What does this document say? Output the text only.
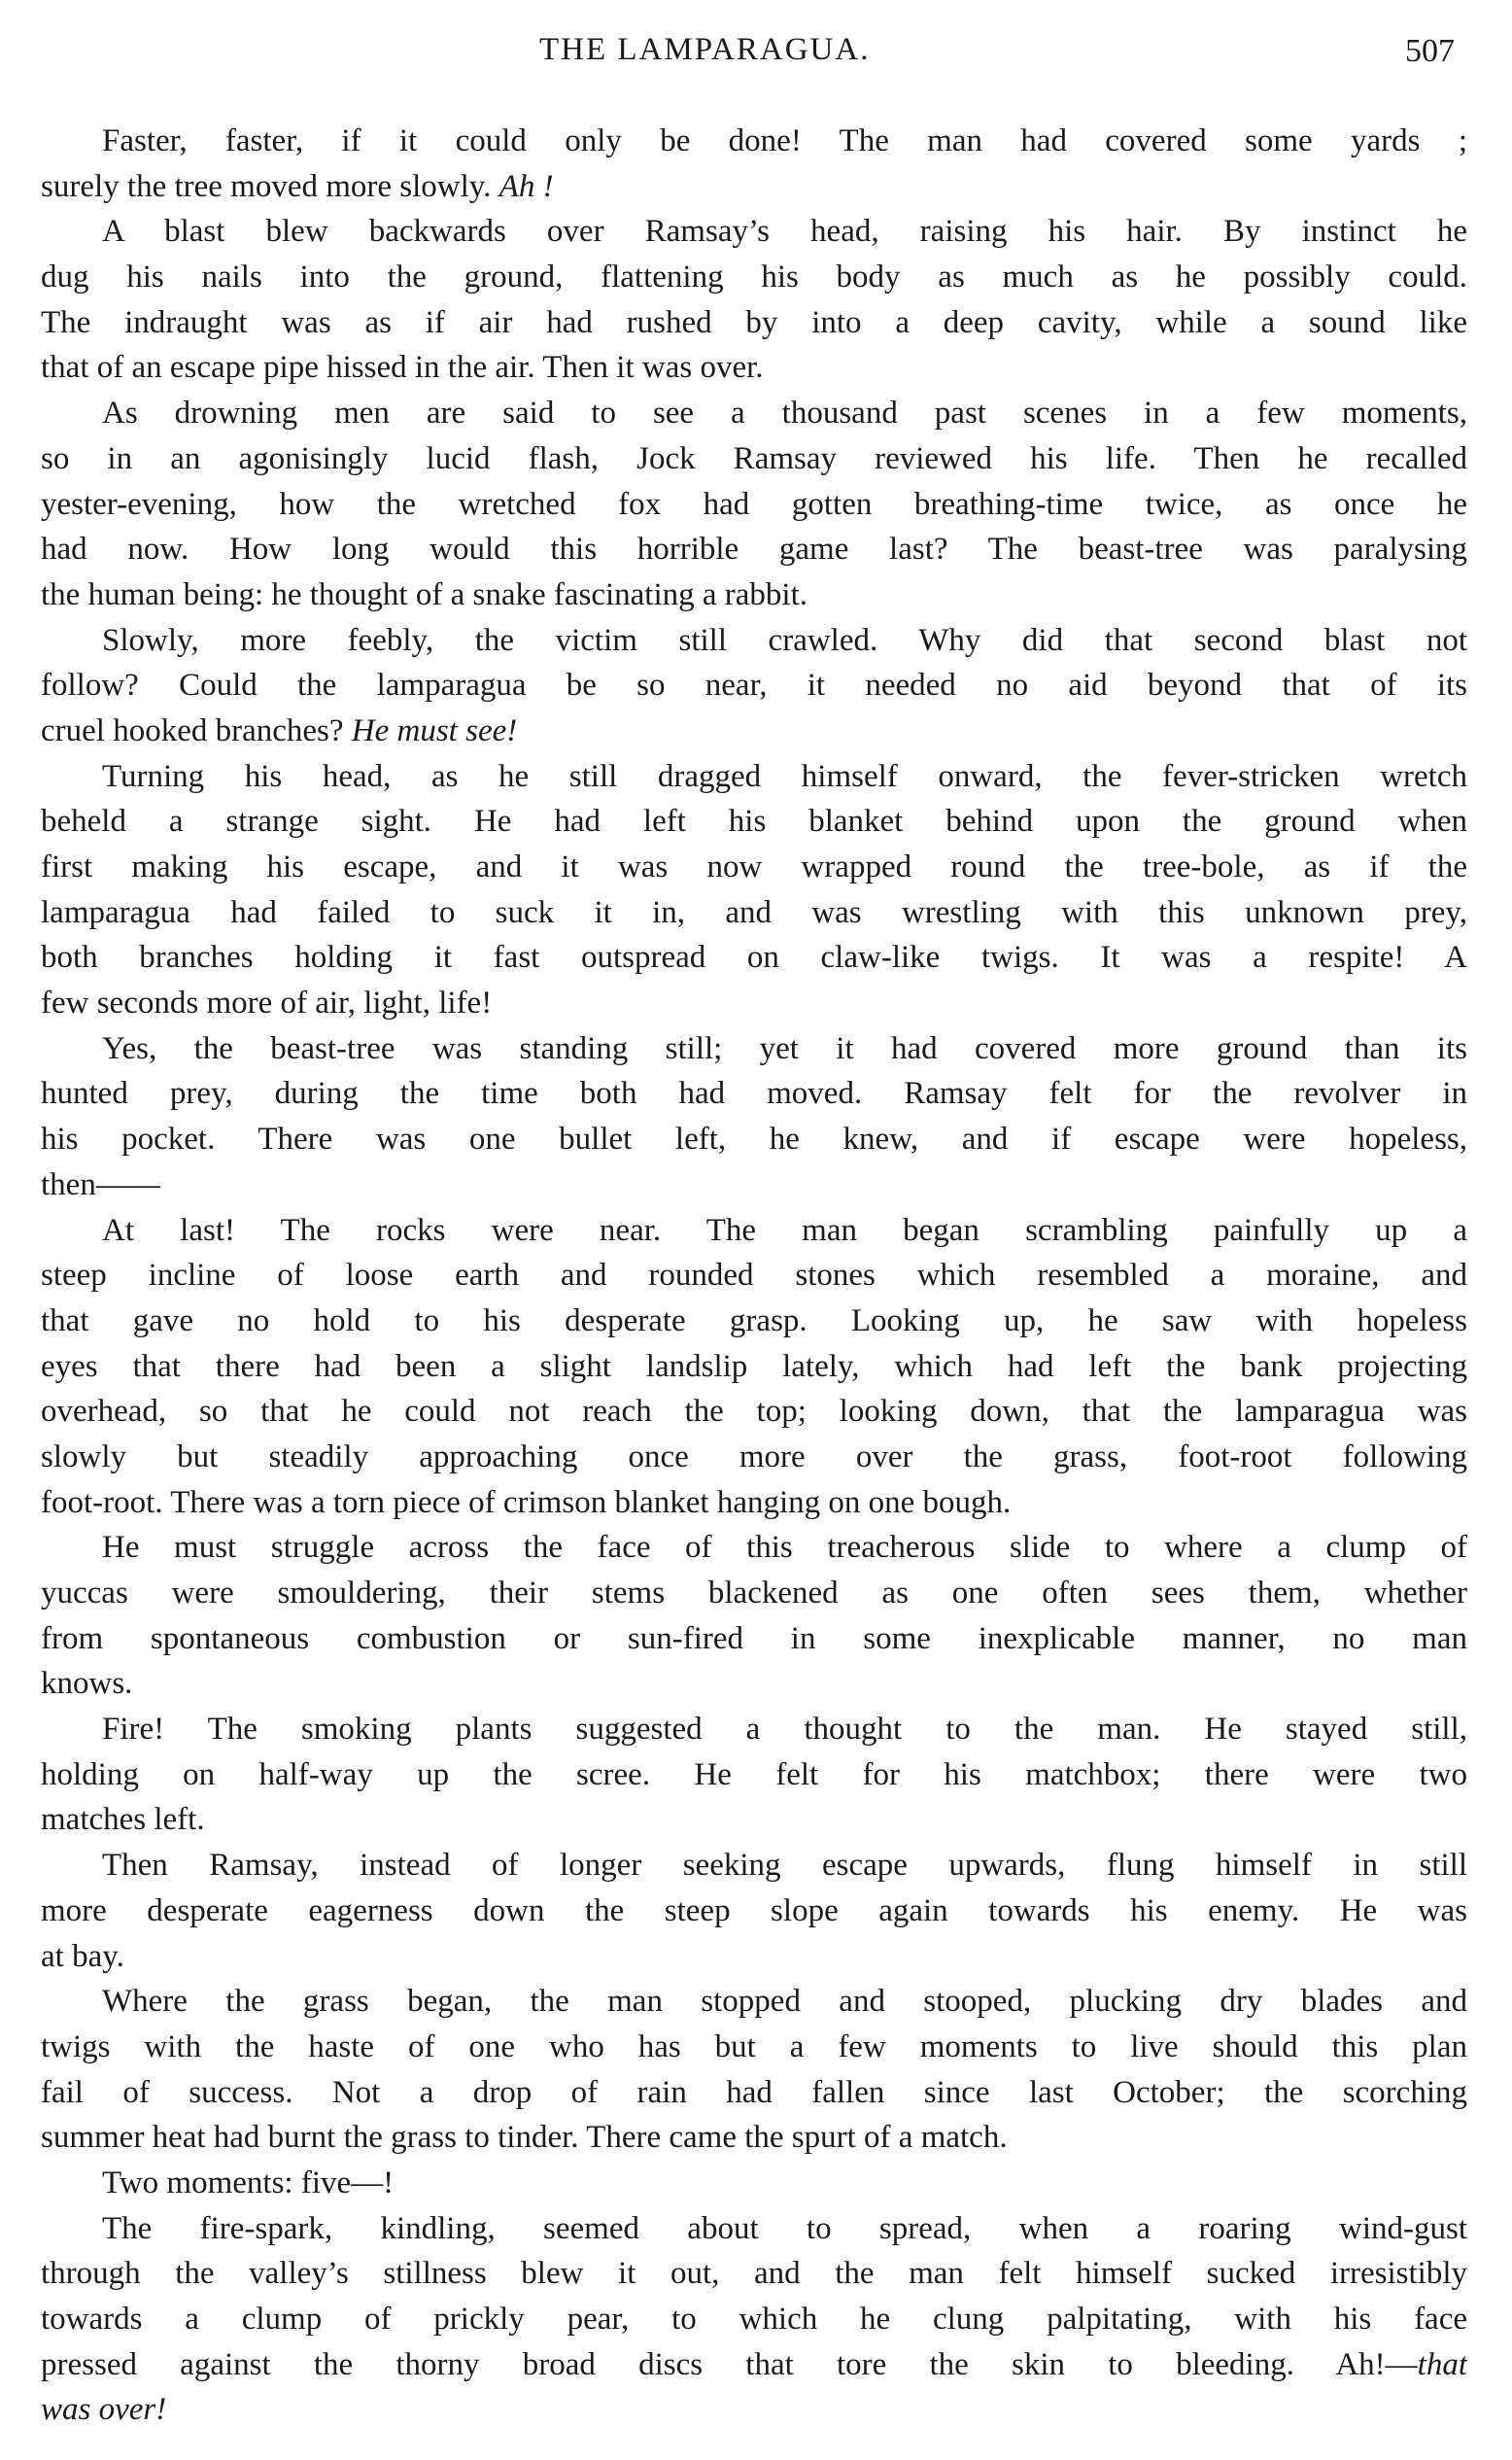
THE LAMPARAGUA.	507
Faster, faster, if it could only be done! The man had covered some yards ;
surely the tree moved more slowly. Ah !
A blast blew backwards over Ramsay’s head, raising his hair. By instinct he
dug his nails into the ground, flattening his body as much as he possibly could.
The indraught was as if air had rushed by into a deep cavity, while a sound like
that of an escape pipe hissed in the air. Then it was over.
As drowning men are said to see a thousand past scenes in a few moments,
so in an agonisingly lucid flash, Jock Ramsay reviewed his life. Then he recalled
yester-evening, how the wretched fox had gotten breathing-time twice, as once he
had now. How long would this horrible game last? The beast-tree was paralysing
the human being: he thought of a snake fascinating a rabbit.
Slowly, more feebly, the victim still crawled. Why did that second blast not
follow? Could the lamparagua be so near, it needed no aid beyond that of its
cruel hooked branches? He must see!
Turning his head, as he still dragged himself onward, the fever-stricken wretch
beheld a strange sight. He had left his blanket behind upon the ground when
first making his escape, and it was now wrapped round the tree-bole, as if the
lamparagua had failed to suck it in, and was wrestling with this unknown prey,
both branches holding it fast outspread on claw-like twigs. It was a respite! A
few seconds more of air, light, life!
Yes, the beast-tree was standing still; yet it had covered more ground than its
hunted prey, during the time both had moved. Ramsay felt for the revolver in
his pocket. There was one bullet left, he knew, and if escape were hopeless,
then——
At last! The rocks were near. The man began scrambling painfully up a
steep incline of loose earth and rounded stones which resembled a moraine, and
that gave no hold to his desperate grasp. Looking up, he saw with hopeless
eyes that there had been a slight landslip lately, which had left the bank projecting
overhead, so that he could not reach the top; looking down, that the lamparagua was
slowly but steadily approaching once more over the grass, foot-root following
foot-root. There was a torn piece of crimson blanket hanging on one bough.
He must struggle across the face of this treacherous slide to where a clump of
yuccas were smouldering, their stems blackened as one often sees them, whether
from spontaneous combustion or sun-fired in some inexplicable manner, no man
knows.
Fire! The smoking plants suggested a thought to the man. He stayed still,
holding on half-way up the scree. He felt for his matchbox; there were two
matches left.
Then Ramsay, instead of longer seeking escape upwards, flung himself in still
more desperate eagerness down the steep slope again towards his enemy. He was
at bay.
Where the grass began, the man stopped and stooped, plucking dry blades and
twigs with the haste of one who has but a few moments to live should this plan
fail of success. Not a drop of rain had fallen since last October; the scorching
summer heat had burnt the grass to tinder. There came the spurt of a match.
Two moments: five—!
The fire-spark, kindling, seemed about to spread, when a roaring wind-gust
through the valley’s stillness blew it out, and the man felt himself sucked irresistibly
towards a clump of prickly pear, to which he clung palpitating, with his face
pressed against the thorny broad discs that tore the skin to bleeding. Ah!—that
was over!
